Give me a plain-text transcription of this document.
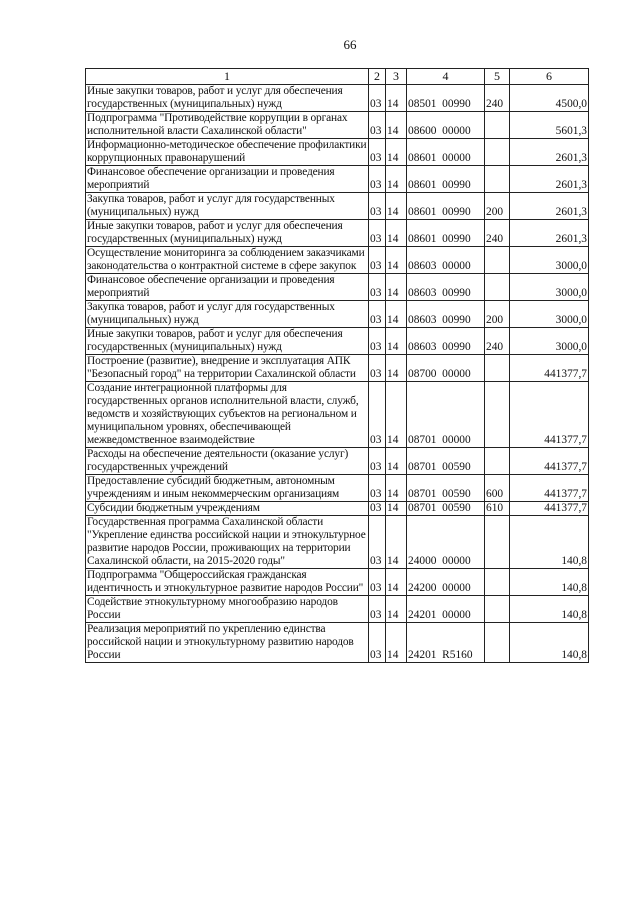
66
1	2	3	4	5	6
Иные закупки товаров, работ и услуг для обеспечения государственных (муниципальных) нужд	03	14	08501  00990	240	4500,0
Подпрограмма "Противодействие коррупции в органах исполнительной власти Сахалинской области"	03	14	08600  00000		5601,3
Информационно-методическое обеспечение профилактики коррупционных правонарушений	03	14	08601  00000		2601,3
Финансовое обеспечение организации и проведения мероприятий	03	14	08601  00990		2601,3
Закупка товаров, работ и услуг для государственных (муниципальных) нужд	03	14	08601  00990	200	2601,3
Иные закупки товаров, работ и услуг для обеспечения государственных (муниципальных) нужд	03	14	08601  00990	240	2601,3
Осуществление мониторинга за соблюдением заказчиками законодательства о контрактной системе в сфере закупок	03	14	08603  00000		3000,0
Финансовое обеспечение организации и проведения мероприятий	03	14	08603  00990		3000,0
Закупка товаров, работ и услуг для государственных (муниципальных) нужд	03	14	08603  00990	200	3000,0
Иные закупки товаров, работ и услуг для обеспечения государственных (муниципальных) нужд	03	14	08603  00990	240	3000,0
Построение (развитие), внедрение и эксплуатация АПК "Безопасный город" на территории Сахалинской области	03	14	08700  00000		441377,7
Создание интеграционной платформы для государственных органов исполнительной власти, служб, ведомств и хозяйствующих субъектов на региональном и муниципальном уровнях, обеспечивающей межведомственное взаимодействие	03	14	08701  00000		441377,7
Расходы на обеспечение деятельности (оказание услуг) государственных учреждений	03	14	08701  00590		441377,7
Предоставление субсидий бюджетным, автономным учреждениям и иным некоммерческим организациям	03	14	08701  00590	600	441377,7
Субсидии бюджетным учреждениям	03	14	08701  00590	610	441377,7
Государственная программа Сахалинской области "Укрепление единства российской нации и этнокультурное развитие народов России, проживающих на территории Сахалинской области, на 2015-2020 годы"	03	14	24000  00000		140,8
Подпрограмма "Общероссийская гражданская идентичность и этнокультурное развитие народов России"	03	14	24200  00000		140,8
Содействие этнокультурному многообразию народов России	03	14	24201  00000		140,8
Реализация мероприятий по укреплению единства российской нации и этнокультурному развитию народов России	03	14	24201  R5160		140,8
